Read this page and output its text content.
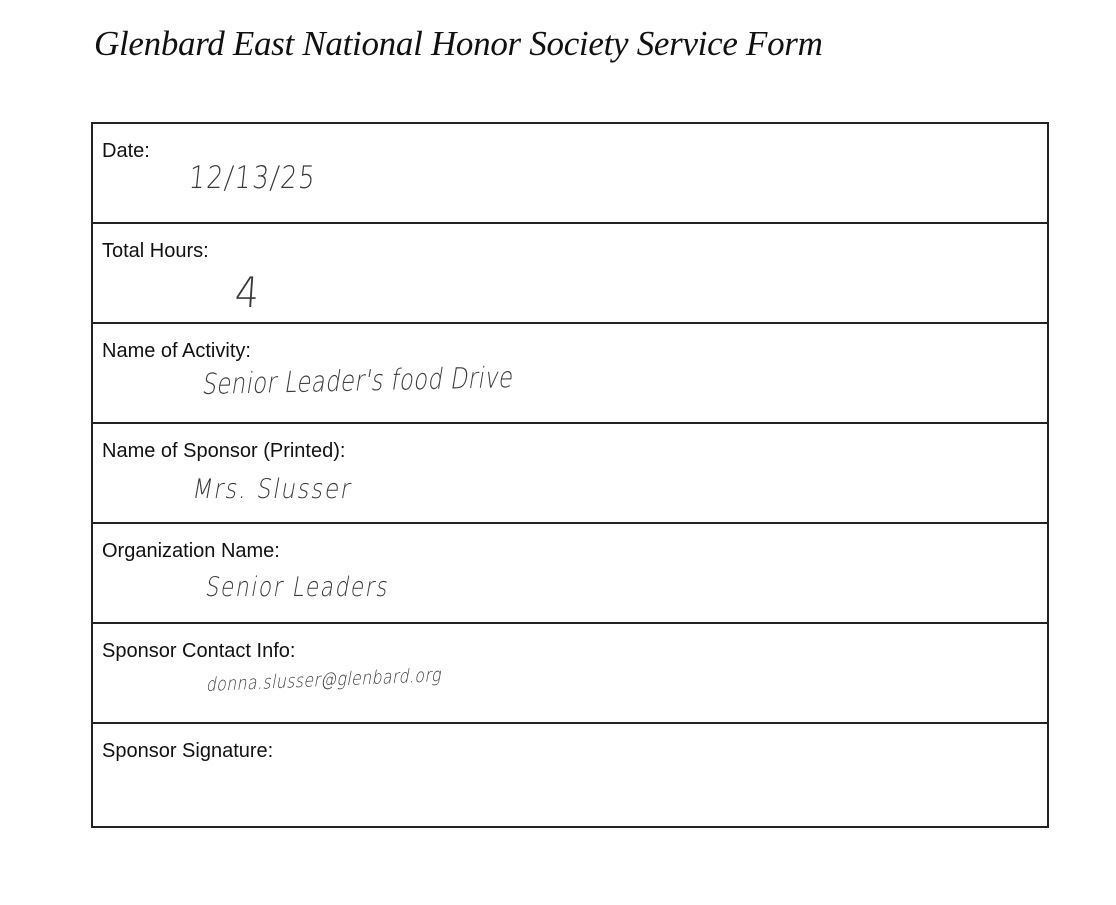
Glenbard East National Honor Society Service Form
Date:
12/13/25
Total Hours:
4
Name of Activity:
Senior Leader's food Drive
Name of Sponsor (Printed):
Mrs. Slusser
Organization Name:
Senior Leaders
Sponsor Contact Info:
donna.slusser@glenbard.org
Sponsor Signature:
